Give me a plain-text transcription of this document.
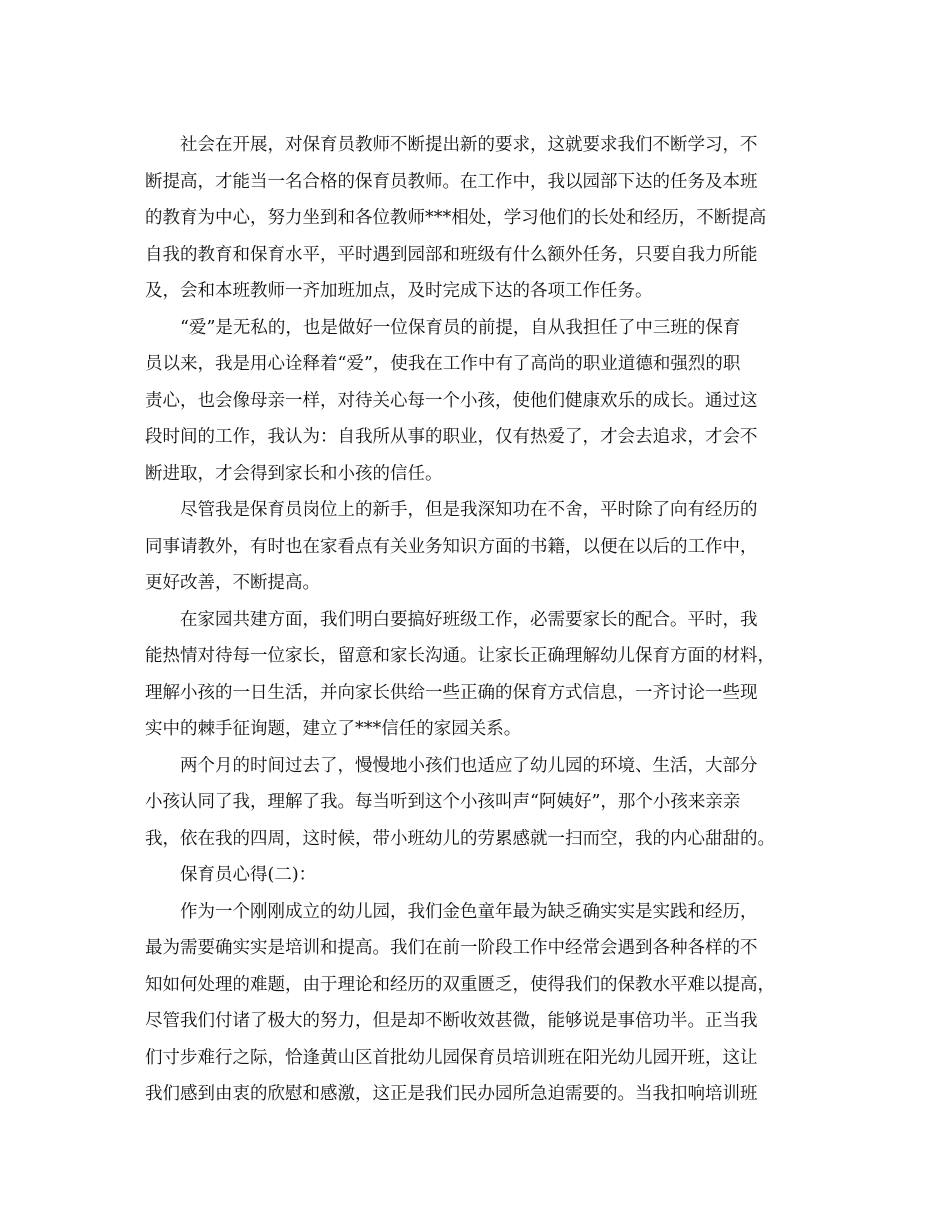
社会在开展，对保育员教师不断提出新的要求，这就要求我们不断学习，不
断提高，才能当一名合格的保育员教师。在工作中，我以园部下达的任务及本班
的教育为中心，努力坐到和各位教师***相处，学习他们的长处和经历，不断提高
自我的教育和保育水平，平时遇到园部和班级有什么额外任务，只要自我力所能
及，会和本班教师一齐加班加点，及时完成下达的各项工作任务。
“爱”是无私的，也是做好一位保育员的前提，自从我担任了中三班的保育
员以来，我是用心诠释着“爱”，使我在工作中有了高尚的职业道德和强烈的职
责心，也会像母亲一样，对待关心每一个小孩，使他们健康欢乐的成长。通过这
段时间的工作，我认为：自我所从事的职业，仅有热爱了，才会去追求，才会不
断进取，才会得到家长和小孩的信任。
尽管我是保育员岗位上的新手，但是我深知功在不舍，平时除了向有经历的
同事请教外，有时也在家看点有关业务知识方面的书籍，以便在以后的工作中，
更好改善，不断提高。
在家园共建方面，我们明白要搞好班级工作，必需要家长的配合。平时，我
能热情对待每一位家长，留意和家长沟通。让家长正确理解幼儿保育方面的材料，
理解小孩的一日生活，并向家长供给一些正确的保育方式信息，一齐讨论一些现
实中的棘手征询题，建立了***信任的家园关系。
两个月的时间过去了，慢慢地小孩们也适应了幼儿园的环境、生活，大部分
小孩认同了我，理解了我。每当听到这个小孩叫声“阿姨好”，那个小孩来亲亲
我，依在我的四周，这时候，带小班幼儿的劳累感就一扫而空，我的内心甜甜的。
保育员心得(二)：
作为一个刚刚成立的幼儿园，我们金色童年最为缺乏确实实是实践和经历，
最为需要确实实是培训和提高。我们在前一阶段工作中经常会遇到各种各样的不
知如何处理的难题，由于理论和经历的双重匮乏，使得我们的保教水平难以提高，
尽管我们付诸了极大的努力，但是却不断收效甚微，能够说是事倍功半。正当我
们寸步难行之际，恰逢黄山区首批幼儿园保育员培训班在阳光幼儿园开班，这让
我们感到由衷的欣慰和感激，这正是我们民办园所急迫需要的。当我扣响培训班
